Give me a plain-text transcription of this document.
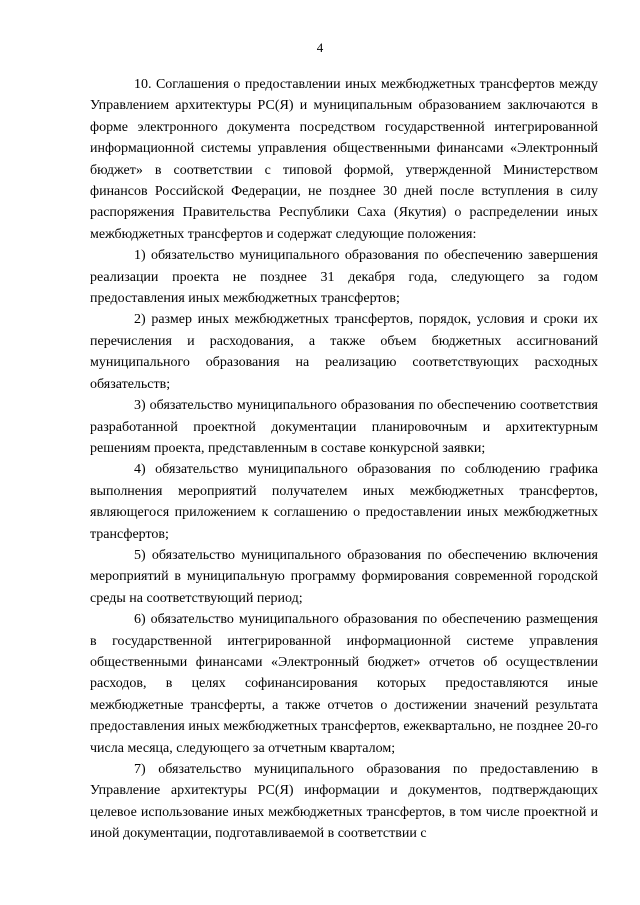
4

10. Соглашения о предоставлении иных межбюджетных трансфертов между Управлением архитектуры РС(Я) и муниципальным образованием заключаются в форме электронного документа посредством государственной интегрированной информационной системы управления общественными финансами «Электронный бюджет» в соответствии с типовой формой, утвержденной Министерством финансов Российской Федерации, не позднее 30 дней после вступления в силу распоряжения Правительства Республики Саха (Якутия) о распределении иных межбюджетных трансфертов и содержат следующие положения:

1) обязательство муниципального образования по обеспечению завершения реализации проекта не позднее 31 декабря года, следующего за годом предоставления иных межбюджетных трансфертов;

2) размер иных межбюджетных трансфертов, порядок, условия и сроки их перечисления и расходования, а также объем бюджетных ассигнований муниципального образования на реализацию соответствующих расходных обязательств;

3) обязательство муниципального образования по обеспечению соответствия разработанной проектной документации планировочным и архитектурным решениям проекта, представленным в составе конкурсной заявки;

4) обязательство муниципального образования по соблюдению графика выполнения мероприятий получателем иных межбюджетных трансфертов, являющегося приложением к соглашению о предоставлении иных межбюджетных трансфертов;

5) обязательство муниципального образования по обеспечению включения мероприятий в муниципальную программу формирования современной городской среды на соответствующий период;

6) обязательство муниципального образования по обеспечению размещения в государственной интегрированной информационной системе управления общественными финансами «Электронный бюджет» отчетов об осуществлении расходов, в целях софинансирования которых предоставляются иные межбюджетные трансферты, а также отчетов о достижении значений результата предоставления иных межбюджетных трансфертов, ежеквартально, не позднее 20-го числа месяца, следующего за отчетным кварталом;

7) обязательство муниципального образования по предоставлению в Управление архитектуры РС(Я) информации и документов, подтверждающих целевое использование иных межбюджетных трансфертов, в том числе проектной и иной документации, подготавливаемой в соответствии с
